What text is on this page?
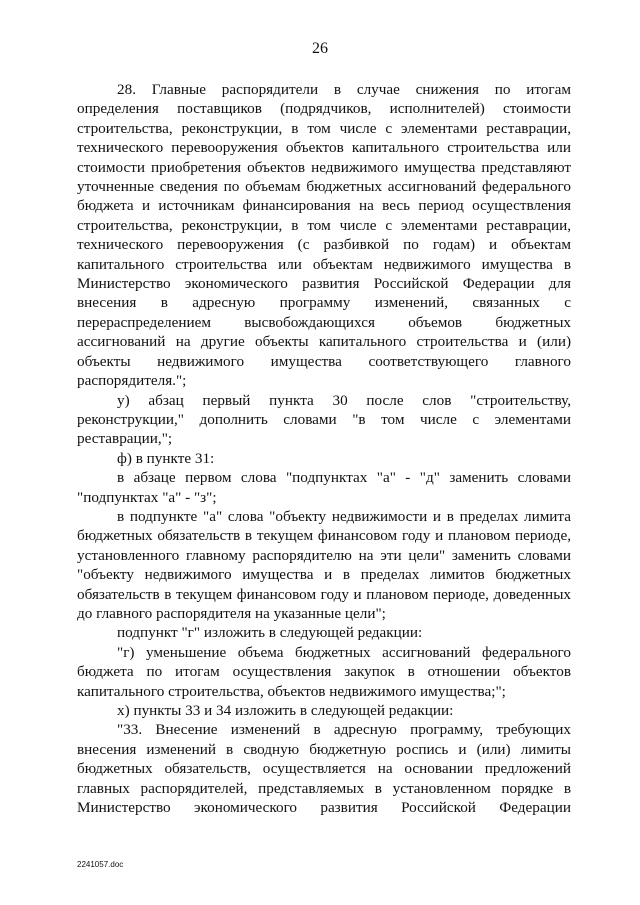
26
28. Главные распорядители в случае снижения по итогам
определения поставщиков (подрядчиков, исполнителей) стоимости
строительства, реконструкции, в том числе с элементами реставрации,
технического перевооружения объектов капитального строительства или
стоимости приобретения объектов недвижимого имущества представляют
уточненные сведения по объемам бюджетных ассигнований федерального
бюджета и источникам финансирования на весь период осуществления
строительства, реконструкции, в том числе с элементами реставрации,
технического перевооружения (с разбивкой по годам) и объектам
капитального строительства или объектам недвижимого имущества в
Министерство экономического развития Российской Федерации для
внесения в адресную программу изменений, связанных с
перераспределением высвобождающихся объемов бюджетных
ассигнований на другие объекты капитального строительства и (или)
объекты недвижимого имущества соответствующего главного
распорядителя.";
у) абзац первый пункта 30 после слов "строительству,
реконструкции," дополнить словами "в том числе с элементами
реставрации,";
ф) в пункте 31:
в абзаце первом слова "подпунктах "а" - "д" заменить словами
"подпунктах "а" - "з";
в подпункте "а" слова "объекту недвижимости и в пределах лимита
бюджетных обязательств в текущем финансовом году и плановом периоде,
установленного главному распорядителю на эти цели" заменить словами
"объекту недвижимого имущества и в пределах лимитов бюджетных
обязательств в текущем финансовом году и плановом периоде, доведенных
до главного распорядителя на указанные цели";
подпункт "г" изложить в следующей редакции:
"г) уменьшение объема бюджетных ассигнований федерального
бюджета по итогам осуществления закупок в отношении объектов
капитального строительства, объектов недвижимого имущества;";
х) пункты 33 и 34 изложить в следующей редакции:
"33. Внесение изменений в адресную программу, требующих
внесения изменений в сводную бюджетную роспись и (или) лимиты
бюджетных обязательств, осуществляется на основании предложений
главных распорядителей, представляемых в установленном порядке в
Министерство экономического развития Российской Федерации
2241057.doc
